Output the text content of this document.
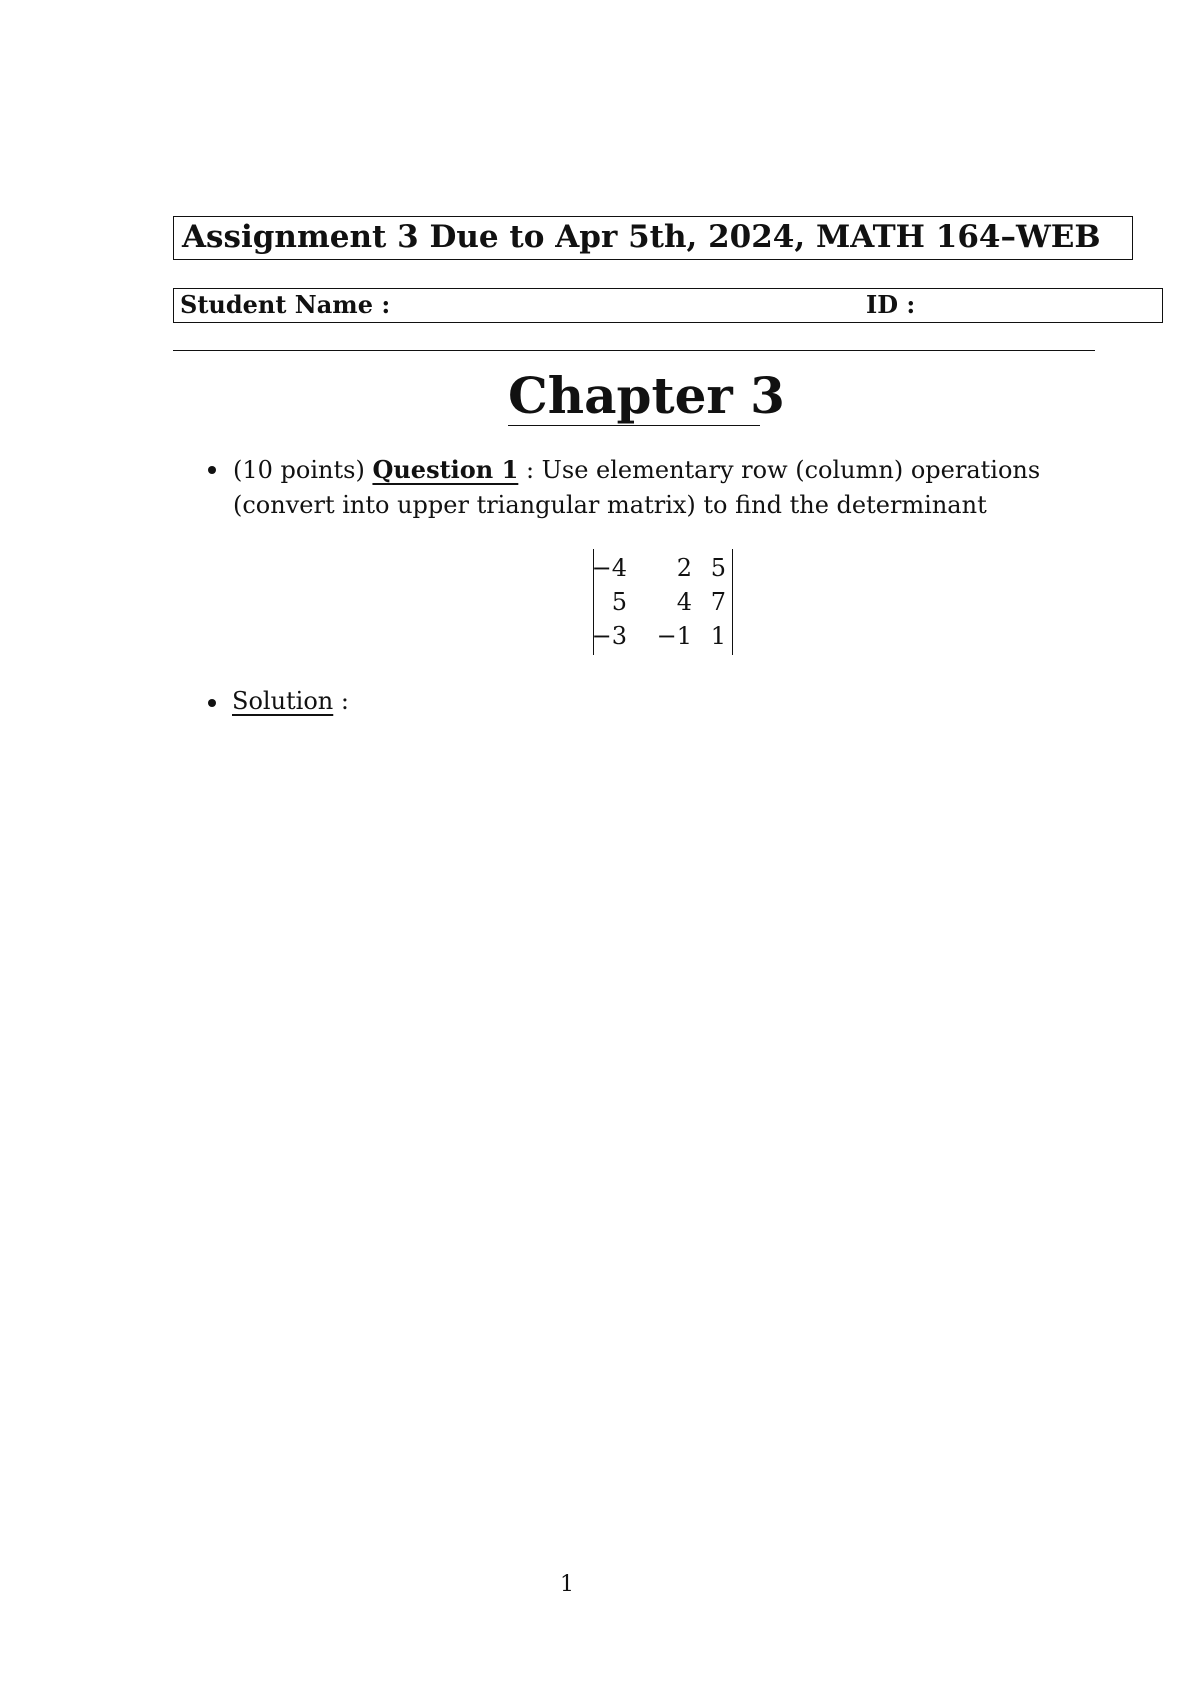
Assignment 3 Due to Apr 5th, 2024, MATH 164–WEB
Student Name :	ID :
Chapter 3
(10 points) Question 1 : Use elementary row (column) operations
(convert into upper triangular matrix) to find the determinant
−4 2 5
5 4 7
−3 −1 1
Solution :
1
